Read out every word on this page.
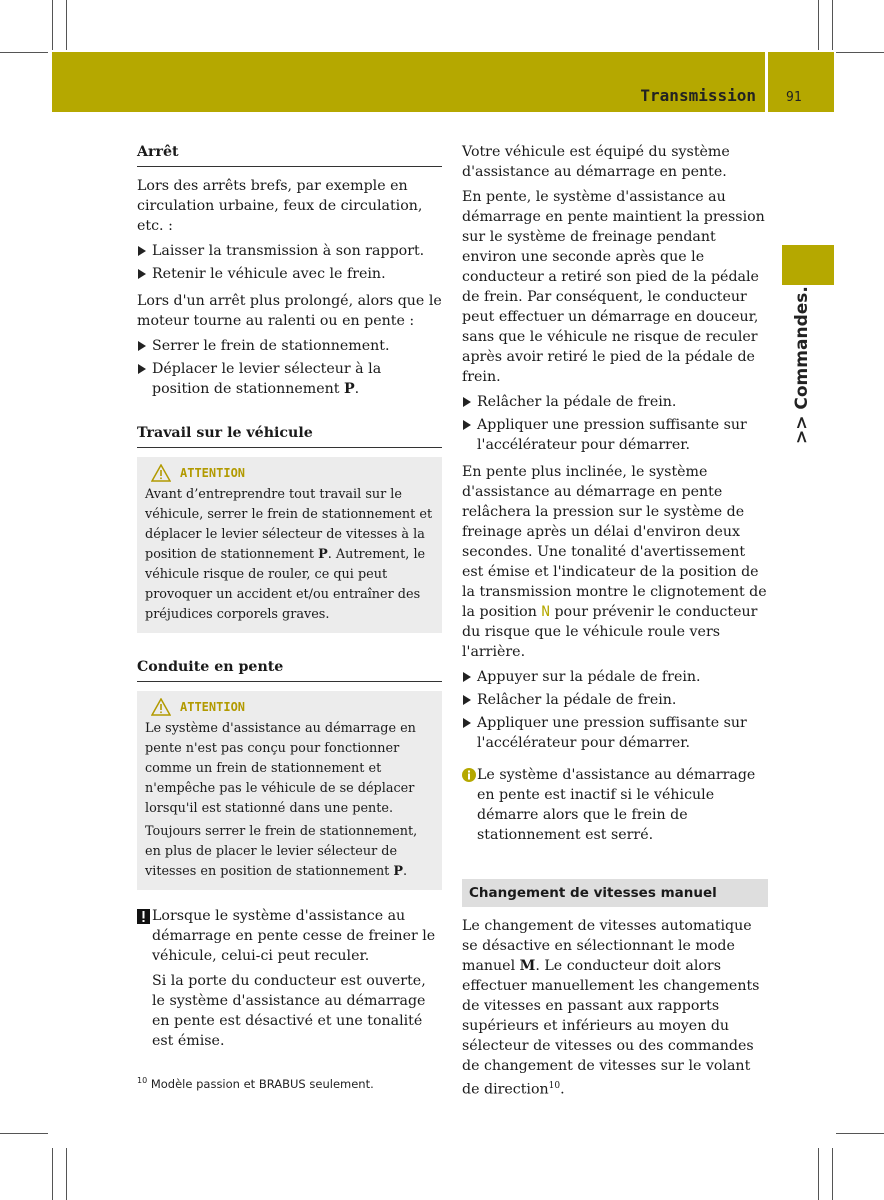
Transmission 91
>> Commandes.
Arrêt

Lors des arrêts brefs, par exemple en circulation urbaine, feux de circulation, etc. :

Laisser la transmission à son rapport.
Retenir le véhicule avec le frein.

Lors d'un arrêt plus prolongé, alors que le moteur tourne au ralenti ou en pente :

Serrer le frein de stationnement.
Déplacer le levier sélecteur à la position de stationnement P.
Travail sur le véhicule
ATTENTION

Avant d’entreprendre tout travail sur le véhicule, serrer le frein de stationnement et déplacer le levier sélecteur de vitesses à la position de stationnement P. Autrement, le véhicule risque de rouler, ce qui peut provoquer un accident et/ou entraîner des préjudices corporels graves.

Conduite en pente
ATTENTION

Le système d'assistance au démarrage en pente n'est pas conçu pour fonctionner comme un frein de stationnement et n'empêche pas le véhicule de se déplacer lorsqu'il est stationné dans une pente.

Toujours serrer le frein de stationnement, en plus de placer le levier sélecteur de vitesses en position de stationnement P.

Lorsque le système d'assistance au démarrage en pente cesse de freiner le véhicule, celui-ci peut reculer.

Si la porte du conducteur est ouverte, le système d'assistance au démarrage en pente est désactivé et une tonalité est émise.

Votre véhicule est équipé du système d'assistance au démarrage en pente.

En pente, le système d'assistance au démarrage en pente maintient la pression sur le système de freinage pendant environ une seconde après que le conducteur a retiré son pied de la pédale de frein. Par conséquent, le conducteur peut effectuer un démarrage en douceur, sans que le véhicule ne risque de reculer après avoir retiré le pied de la pédale de frein.

Relâcher la pédale de frein.
Appliquer une pression suffisante sur l'accélérateur pour démarrer.

En pente plus inclinée, le système d'assistance au démarrage en pente relâchera la pression sur le système de freinage après un délai d'environ deux secondes. Une tonalité d'avertissement est émise et l'indicateur de la position de la transmission montre le clignotement de la position N pour prévenir le conducteur du risque que le véhicule roule vers l'arrière.

Appuyer sur la pédale de frein.
Relâcher la pédale de frein.
Appliquer une pression suffisante sur l'accélérateur pour démarrer.

Le système d'assistance au démarrage en pente est inactif si le véhicule démarre alors que le frein de stationnement est serré.

Changement de vitesses manuel

Le changement de vitesses automatique se désactive en sélectionnant le mode manuel M. Le conducteur doit alors effectuer manuellement les changements de vitesses en passant aux rapports supérieurs et inférieurs au moyen du sélecteur de vitesses ou des commandes de changement de vitesses sur le volant de direction$^{10}$.

$^{10}$ Modèle passion et BRABUS seulement.
